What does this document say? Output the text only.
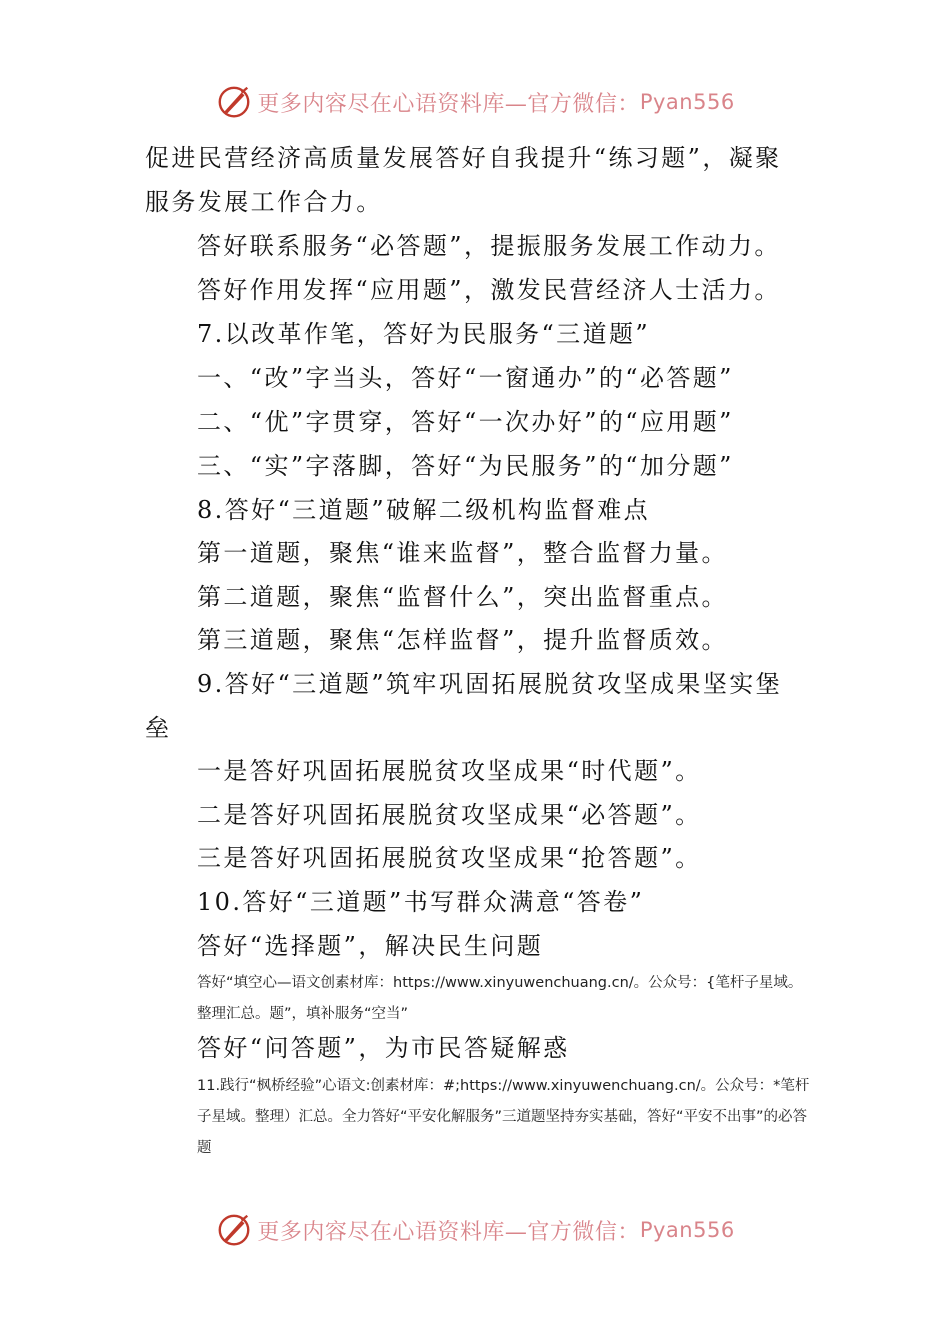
更多内容尽在心语资料库—官方微信： Pyan556
促进民营经济高质量发展答好自我提升“练习题”，凝聚
服务发展工作合力。
答好联系服务“必答题”，提振服务发展工作动力。
答好作用发挥“应用题”，激发民营经济人士活力。
7.以改革作笔，答好为民服务“三道题”
一、“改”字当头，答好“一窗通办”的“必答题”
二、“优”字贯穿，答好“一次办好”的“应用题”
三、“实”字落脚，答好“为民服务”的“加分题”
8.答好“三道题”破解二级机构监督难点
第一道题，聚焦“谁来监督”，整合监督力量。
第二道题，聚焦“监督什么”，突出监督重点。
第三道题，聚焦“怎样监督”，提升监督质效。
9.答好“三道题”筑牢巩固拓展脱贫攻坚成果坚实堡
垒
一是答好巩固拓展脱贫攻坚成果“时代题”。
二是答好巩固拓展脱贫攻坚成果“必答题”。
三是答好巩固拓展脱贫攻坚成果“抢答题”。
10.答好“三道题”书写群众满意“答卷”
答好“选择题”，解决民生问题
答好“填空心—语文创素材库：https://www.xinyuwenchuang.cn/。公众号：{笔杆子星域。整理汇总。题”，填补服务“空当”
答好“问答题”，为市民答疑解惑
11.践行“枫桥经验”心语文:创素材库：#;https://www.xinyuwenchuang.cn/。公众号：*笔杆子星域。整理）汇总。全力答好“平安化解服务”三道题坚持夯实基础，答好“平安不出事”的必答题
更多内容尽在心语资料库—官方微信： Pyan556
